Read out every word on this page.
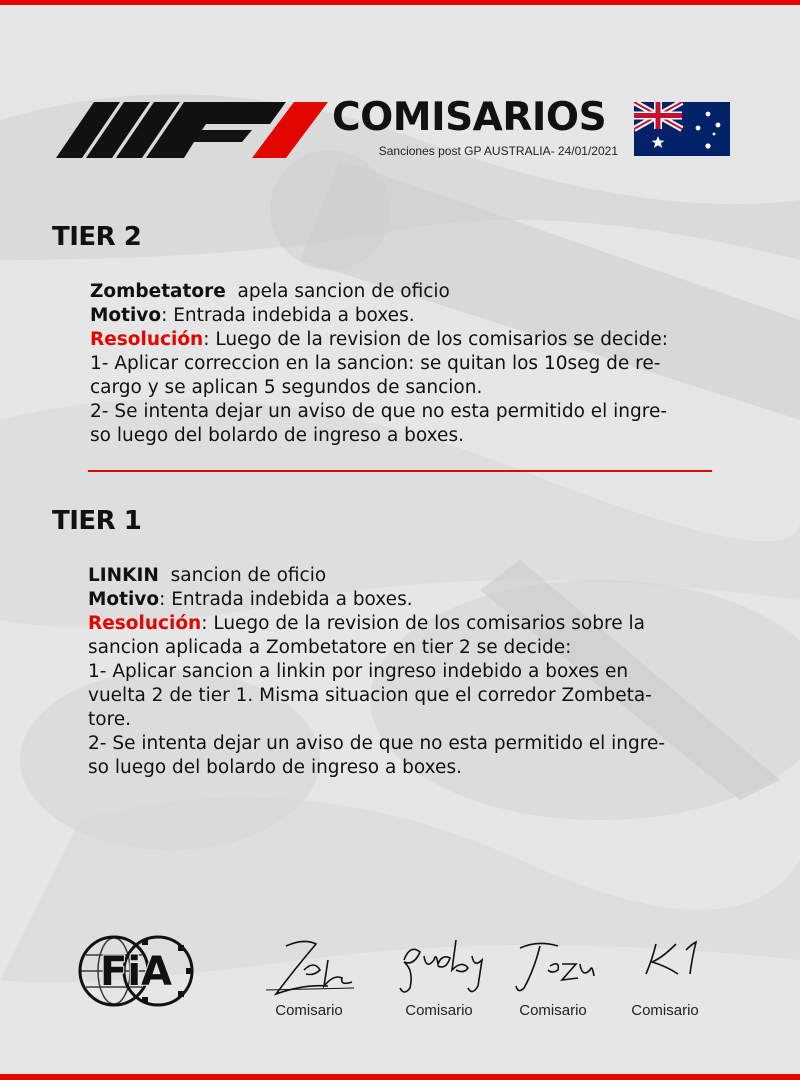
COMISARIOS
Sanciones post GP AUSTRALIA- 24/01/2021
TIER 2

Zombetatore apela sancion de oficio

Motivo: Entrada indebida a boxes.

Resolución: Luego de la revision de los comisarios se decide:

1- Aplicar correccion en la sancion: se quitan los 10seg de re-

cargo y se aplican 5 segundos de sancion.

2- Se intenta dejar un aviso de que no esta permitido el ingre-

so luego del bolardo de ingreso a boxes.

TIER 1

LINKIN sancion de oficio

Motivo: Entrada indebida a boxes.

Resolución: Luego de la revision de los comisarios sobre la

sancion aplicada a Zombetatore en tier 2 se decide:

1- Aplicar sancion a linkin por ingreso indebido a boxes en

vuelta 2 de tier 1. Misma situacion que el corredor Zombeta-

tore.

2- Se intenta dejar un aviso de que no esta permitido el ingre-

so luego del bolardo de ingreso a boxes.

FiA
Comisario	Comisario	Comisario	Comisario
